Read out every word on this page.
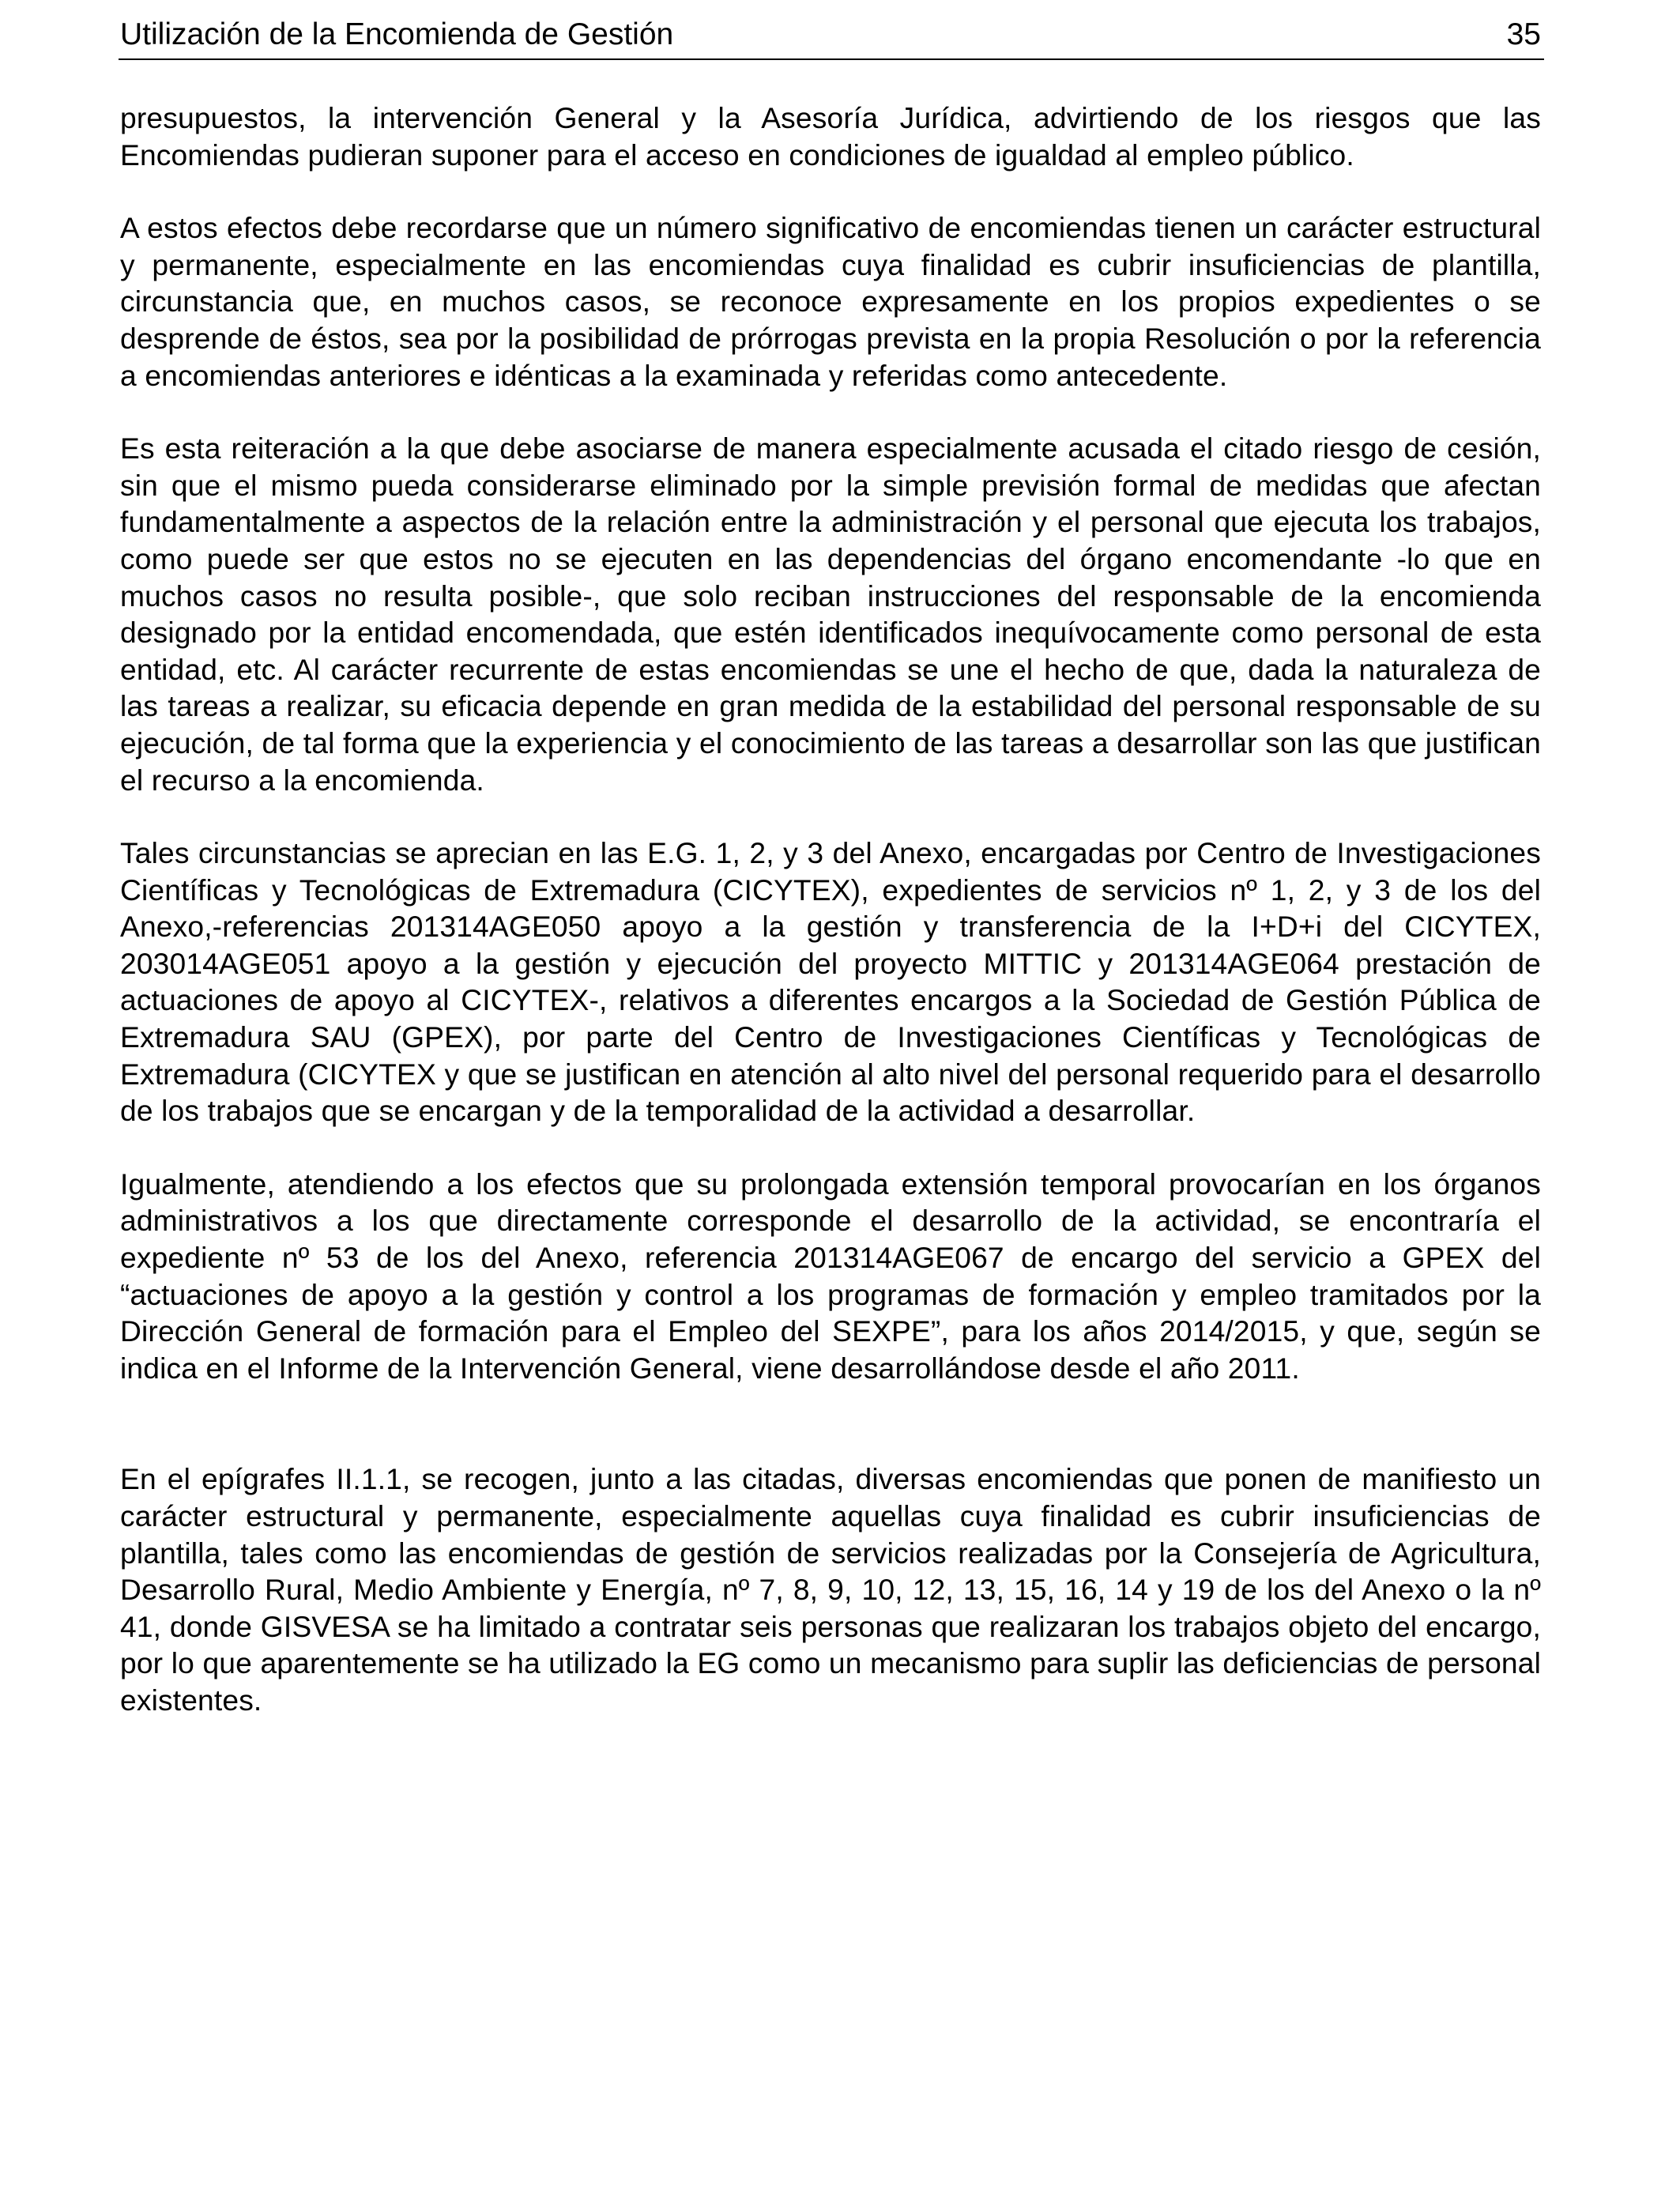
Utilización de la Encomienda de Gestión	35

presupuestos, la intervención General y la Asesoría Jurídica, advirtiendo de los riesgos que las Encomiendas pudieran suponer para el acceso en condiciones de igualdad al empleo público.

A estos efectos debe recordarse que un número significativo de encomiendas tienen un carácter estructural y permanente, especialmente en las encomiendas cuya finalidad es cubrir insuficiencias de plantilla, circunstancia que, en muchos casos, se reconoce expresamente en los propios expedientes o se desprende de éstos, sea por la posibilidad de prórrogas prevista en la propia Resolución o por la referencia a encomiendas anteriores e idénticas a la examinada y referidas como antecedente.

Es esta reiteración a la que debe asociarse de manera especialmente acusada el citado riesgo de cesión, sin que el mismo pueda considerarse eliminado por la simple previsión formal de medidas que afectan fundamentalmente a aspectos de la relación entre la administración y el personal que ejecuta los trabajos, como puede ser que estos no se ejecuten en las dependencias del órgano encomendante -lo que en muchos casos no resulta posible-, que solo reciban instrucciones del responsable de la encomienda designado por la entidad encomendada, que estén identificados inequívocamente como personal de esta entidad, etc. Al carácter recurrente de estas encomiendas se une el hecho de que, dada la naturaleza de las tareas a realizar, su eficacia depende en gran medida de la estabilidad del personal responsable de su ejecución, de tal forma que la experiencia y el conocimiento de las tareas a desarrollar son las que justifican el recurso a la encomienda.

Tales circunstancias se aprecian en las E.G. 1, 2, y 3 del Anexo, encargadas por Centro de Investigaciones Científicas y Tecnológicas de Extremadura (CICYTEX), expedientes de servicios nº 1, 2, y 3 de los del Anexo,-referencias 201314AGE050 apoyo a la gestión y transferencia de la I+D+i del CICYTEX, 203014AGE051 apoyo a la gestión y ejecución del proyecto MITTIC y 201314AGE064 prestación de actuaciones de apoyo al CICYTEX-, relativos a diferentes encargos a la Sociedad de Gestión Pública de Extremadura SAU (GPEX), por parte del Centro de Investigaciones Científicas y Tecnológicas de Extremadura (CICYTEX y que se justifican en atención al alto nivel del personal requerido para el desarrollo de los trabajos que se encargan y de la temporalidad de la actividad a desarrollar.

Igualmente, atendiendo a los efectos que su prolongada extensión temporal provocarían en los órganos administrativos a los que directamente corresponde el desarrollo de la actividad, se encontraría el expediente nº 53 de los del Anexo, referencia 201314AGE067 de encargo del servicio a GPEX del “actuaciones de apoyo a la gestión y control a los programas de formación y empleo tramitados por la Dirección General de formación para el Empleo del SEXPE”, para los años 2014/2015, y que, según se indica en el Informe de la Intervención General, viene desarrollándose desde el año 2011.

En el epígrafes II.1.1, se recogen, junto a las citadas, diversas encomiendas que ponen de manifiesto un carácter estructural y permanente, especialmente aquellas cuya finalidad es cubrir insuficiencias de plantilla, tales como las encomiendas de gestión de servicios realizadas por la Consejería de Agricultura, Desarrollo Rural, Medio Ambiente y Energía, nº 7, 8, 9, 10, 12, 13, 15, 16, 14 y 19 de los del Anexo o la nº 41, donde GISVESA se ha limitado a contratar seis personas que realizaran los trabajos objeto del encargo, por lo que aparentemente se ha utilizado la EG como un mecanismo para suplir las deficiencias de personal existentes.
